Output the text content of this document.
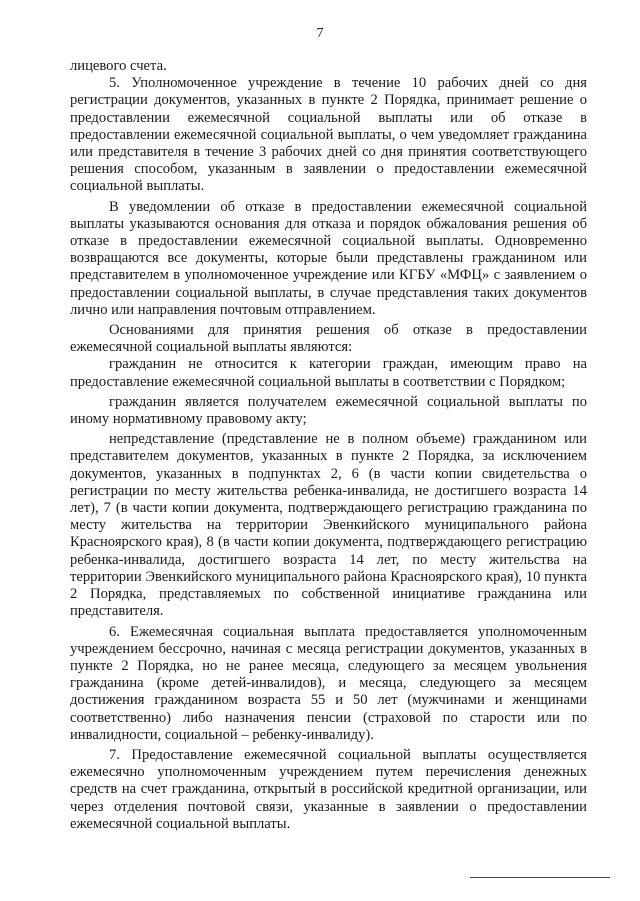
7

лицевого счета.

5. Уполномоченное учреждение в течение 10 рабочих дней со дня регистрации документов, указанных в пункте 2 Порядка, принимает решение о предоставлении ежемесячной социальной выплаты или об отказе в предоставлении ежемесячной социальной выплаты, о чем уведомляет гражданина или представителя в течение 3 рабочих дней со дня принятия соответствующего решения способом, указанным в заявлении о предоставлении ежемесячной социальной выплаты.

В уведомлении об отказе в предоставлении ежемесячной социальной выплаты указываются основания для отказа и порядок обжалования решения об отказе в предоставлении ежемесячной социальной выплаты. Одновременно возвращаются все документы, которые были представлены гражданином или представителем в уполномоченное учреждение или КГБУ «МФЦ» с заявлением о предоставлении социальной выплаты, в случае представления таких документов лично или направления почтовым отправлением.

Основаниями для принятия решения об отказе в предоставлении ежемесячной социальной выплаты являются:

гражданин не относится к категории граждан, имеющим право на предоставление ежемесячной социальной выплаты в соответствии с Порядком;

гражданин является получателем ежемесячной социальной выплаты по иному нормативному правовому акту;

непредставление (представление не в полном объеме) гражданином или представителем документов, указанных в пункте 2 Порядка, за исключением документов, указанных в подпунктах 2, 6 (в части копии свидетельства о регистрации по месту жительства ребенка-инвалида, не достигшего возраста 14 лет), 7 (в части копии документа, подтверждающего регистрацию гражданина по месту жительства на территории Эвенкийского муниципального района Красноярского края), 8 (в части копии документа, подтверждающего регистрацию ребенка-инвалида, достигшего возраста 14 лет, по месту жительства на территории Эвенкийского муниципального района Красноярского края), 10 пункта 2 Порядка, представляемых по собственной инициативе гражданина или представителя.

6. Ежемесячная социальная выплата предоставляется уполномоченным учреждением бессрочно, начиная с месяца регистрации документов, указанных в пункте 2 Порядка, но не ранее месяца, следующего за месяцем увольнения гражданина (кроме детей-инвалидов), и месяца, следующего за месяцем достижения гражданином возраста 55 и 50 лет (мужчинами и женщинами соответственно) либо назначения пенсии (страховой по старости или по инвалидности, социальной – ребенку-инвалиду).

7. Предоставление ежемесячной социальной выплаты осуществляется ежемесячно уполномоченным учреждением путем перечисления денежных средств на счет гражданина, открытый в российской кредитной организации, или через отделения почтовой связи, указанные в заявлении о предоставлении ежемесячной социальной выплаты.
